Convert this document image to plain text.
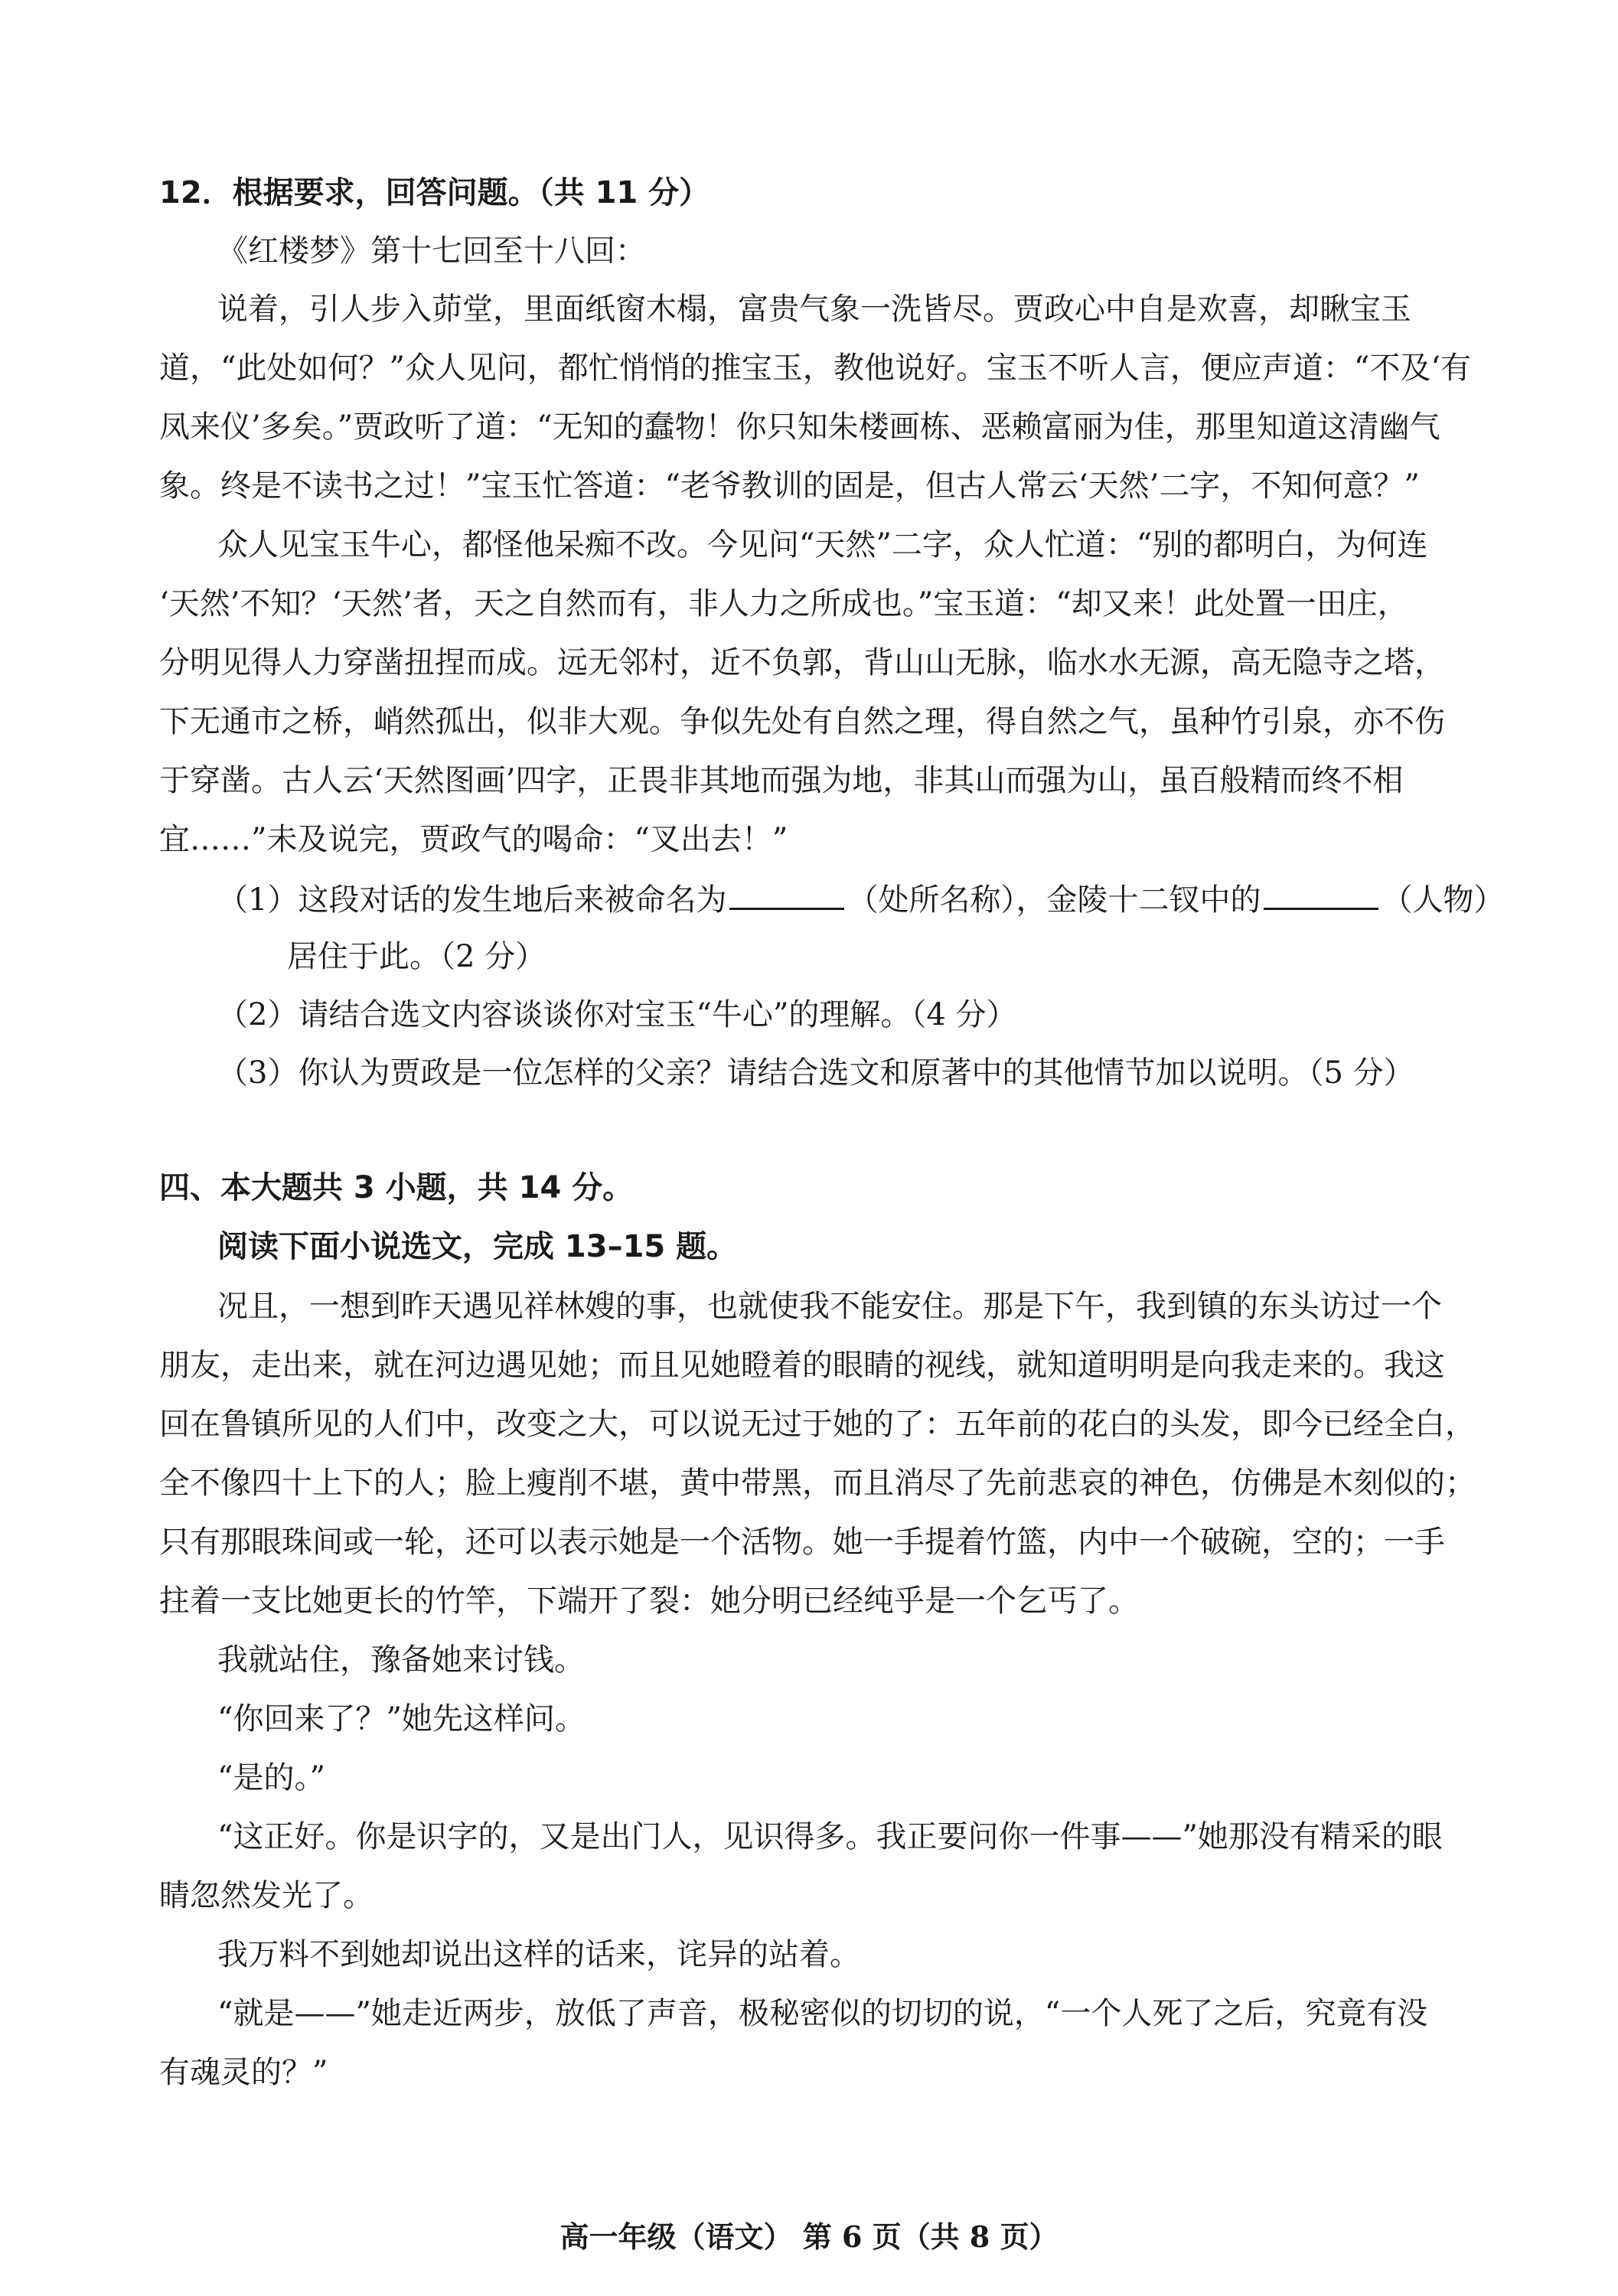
12．根据要求，回答问题。（共 11 分）
《红楼梦》第十七回至十八回：
说着，引人步入茆堂，里面纸窗木榻，富贵气象一洗皆尽。贾政心中自是欢喜，却瞅宝玉
道，“此处如何？”众人见问，都忙悄悄的推宝玉，教他说好。宝玉不听人言，便应声道：“不及‘有
凤来仪’多矣。”贾政听了道：“无知的蠢物！你只知朱楼画栋、恶赖富丽为佳，那里知道这清幽气
象。终是不读书之过！”宝玉忙答道：“老爷教训的固是，但古人常云‘天然’二字，不知何意？”
众人见宝玉牛心，都怪他呆痴不改。今见问“天然”二字，众人忙道：“别的都明白，为何连
‘天然’不知？‘天然’者，天之自然而有，非人力之所成也。”宝玉道：“却又来！此处置一田庄，
分明见得人力穿凿扭捏而成。远无邻村，近不负郭，背山山无脉，临水水无源，高无隐寺之塔，
下无通市之桥，峭然孤出，似非大观。争似先处有自然之理，得自然之气，虽种竹引泉，亦不伤
于穿凿。古人云‘天然图画’四字，正畏非其地而强为地，非其山而强为山，虽百般精而终不相
宜……”未及说完，贾政气的喝命：“叉出去！”
（1）这段对话的发生地后来被命名为	（处所名称），金陵十二钗中的	（人物）
居住于此。（2 分）
（2）请结合选文内容谈谈你对宝玉“牛心”的理解。（4 分）
（3）你认为贾政是一位怎样的父亲？请结合选文和原著中的其他情节加以说明。（5 分）
四、本大题共 3 小题，共 14 分。
阅读下面小说选文，完成 13–15 题。
况且，一想到昨天遇见祥林嫂的事，也就使我不能安住。那是下午，我到镇的东头访过一个
朋友，走出来，就在河边遇见她；而且见她瞪着的眼睛的视线，就知道明明是向我走来的。我这
回在鲁镇所见的人们中，改变之大，可以说无过于她的了：五年前的花白的头发，即今已经全白，
全不像四十上下的人；脸上瘦削不堪，黄中带黑，而且消尽了先前悲哀的神色，仿佛是木刻似的；
只有那眼珠间或一轮，还可以表示她是一个活物。她一手提着竹篮，内中一个破碗，空的；一手
拄着一支比她更长的竹竿，下端开了裂：她分明已经纯乎是一个乞丐了。
我就站住，豫备她来讨钱。
“你回来了？”她先这样问。
“是的。”
“这正好。你是识字的，又是出门人，见识得多。我正要问你一件事——”她那没有精采的眼
睛忽然发光了。
我万料不到她却说出这样的话来，诧异的站着。
“就是——”她走近两步，放低了声音，极秘密似的切切的说，“一个人死了之后，究竟有没
有魂灵的？”
高一年级（语文） 第 6 页（共 8 页）
